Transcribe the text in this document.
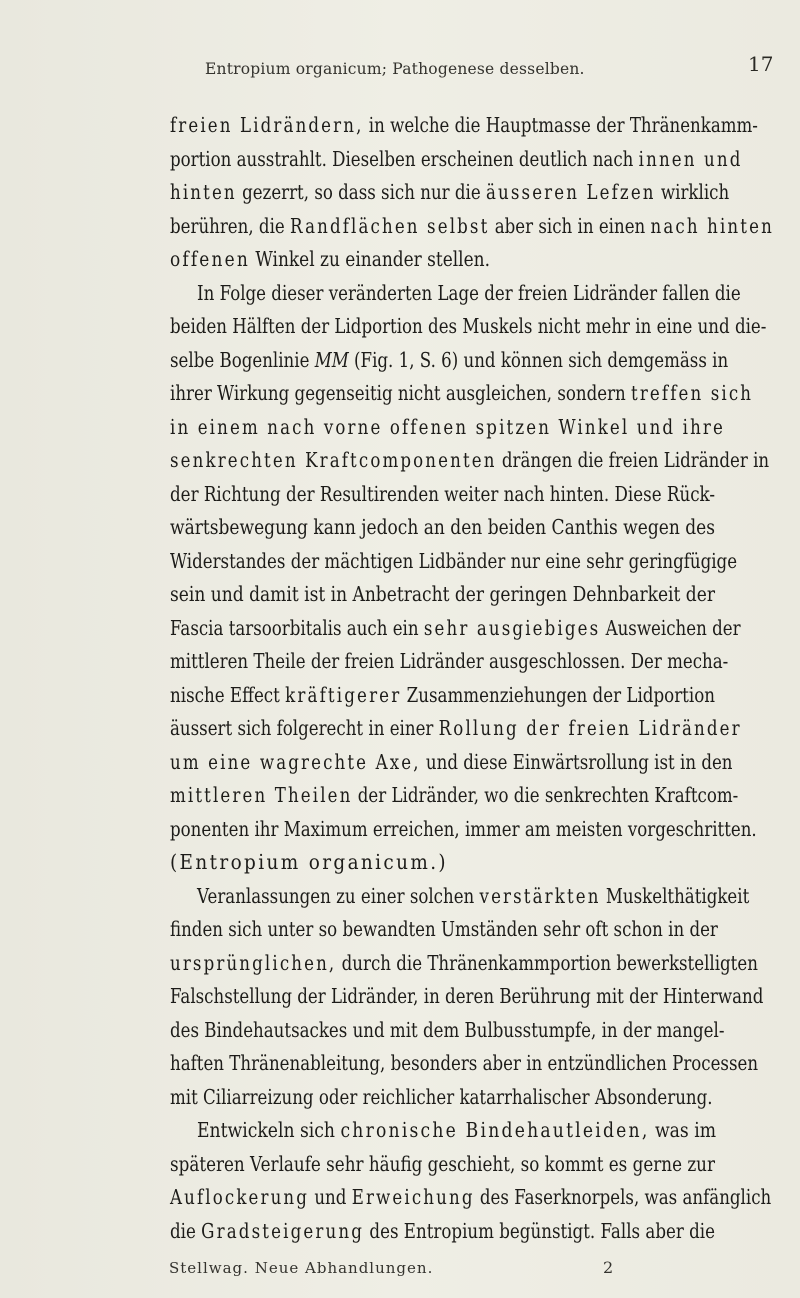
Entropium organicum; Pathogenese desselben.	17
freien Lidrändern, in welche die Hauptmasse der Thränenkamm-
portion ausstrahlt. Dieselben erscheinen deutlich nach innen und
hinten gezerrt, so dass sich nur die äusseren Lefzen wirklich
berühren, die Randflächen selbst aber sich in einen nach hinten
offenen Winkel zu einander stellen.
In Folge dieser veränderten Lage der freien Lidränder fallen die
beiden Hälften der Lidportion des Muskels nicht mehr in eine und die-
selbe Bogenlinie MM (Fig. 1, S. 6) und können sich demgemäss in
ihrer Wirkung gegenseitig nicht ausgleichen, sondern treffen sich
in einem nach vorne offenen spitzen Winkel und ihre
senkrechten Kraftcomponenten drängen die freien Lidränder in
der Richtung der Resultirenden weiter nach hinten. Diese Rück-
wärtsbewegung kann jedoch an den beiden Canthis wegen des
Widerstandes der mächtigen Lidbänder nur eine sehr geringfügige
sein und damit ist in Anbetracht der geringen Dehnbarkeit der
Fascia tarsoorbitalis auch ein sehr ausgiebiges Ausweichen der
mittleren Theile der freien Lidränder ausgeschlossen. Der mecha-
nische Effect kräftigerer Zusammenziehungen der Lidportion
äussert sich folgerecht in einer Rollung der freien Lidränder
um eine wagrechte Axe, und diese Einwärtsrollung ist in den
mittleren Theilen der Lidränder, wo die senkrechten Kraftcom-
ponenten ihr Maximum erreichen, immer am meisten vorgeschritten.
(Entropium organicum.)
Veranlassungen zu einer solchen verstärkten Muskelthätigkeit
finden sich unter so bewandten Umständen sehr oft schon in der
ursprünglichen, durch die Thränenkammportion bewerkstelligten
Falschstellung der Lidränder, in deren Berührung mit der Hinterwand
des Bindehautsackes und mit dem Bulbusstumpfe, in der mangel-
haften Thränenableitung, besonders aber in entzündlichen Processen
mit Ciliarreizung oder reichlicher katarrhalischer Absonderung.
Entwickeln sich chronische Bindehautleiden, was im
späteren Verlaufe sehr häufig geschieht, so kommt es gerne zur
Auflockerung und Erweichung des Faserknorpels, was anfänglich
die Gradsteigerung des Entropium begünstigt. Falls aber die
Stellwag. Neue Abhandlungen.	2
